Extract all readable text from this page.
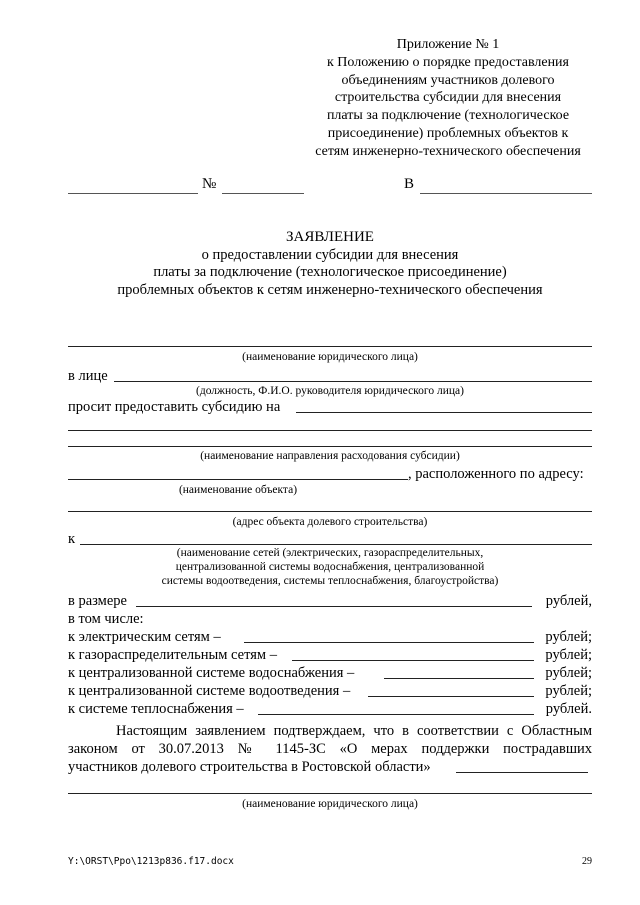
Приложение № 1
к Положению о порядке предоставления
объединениям участников долевого
строительства субсидии для внесения
платы за подключение (технологическое
присоединение) проблемных объектов к
сетям инженерно-технического обеспечения
№	В
ЗАЯВЛЕНИЕ
о предоставлении субсидии для внесения
платы за подключение (технологическое присоединение)
проблемных объектов к сетям инженерно-технического обеспечения
(наименование юридического лица)
в лице
(должность, Ф.И.О. руководителя юридического лица)
просит предоставить субсидию на
(наименование направления расходования субсидии)
, расположенного по адресу:
(наименование объекта)
(адрес объекта долевого строительства)
к
(наименование сетей (электрических, газораспределительных,
централизованной системы водоснабжения, централизованной
системы водоотведения, системы теплоснабжения, благоустройства)
в размере	рублей,
в том числе:
к электрическим сетям –	рублей;
к газораспределительным сетям –	рублей;
к централизованной системе водоснабжения –	рублей;
к централизованной системе водоотведения –	рублей;
к системе теплоснабжения –	рублей.
Настоящим заявлением подтверждаем, что в соответствии с Областным
законом от 30.07.2013 № 1145-ЗС «О мерах поддержки пострадавших
участников долевого строительства в Ростовской области»
(наименование юридического лица)
Y:\ORST\Ppo\1213p836.f17.docx	29
